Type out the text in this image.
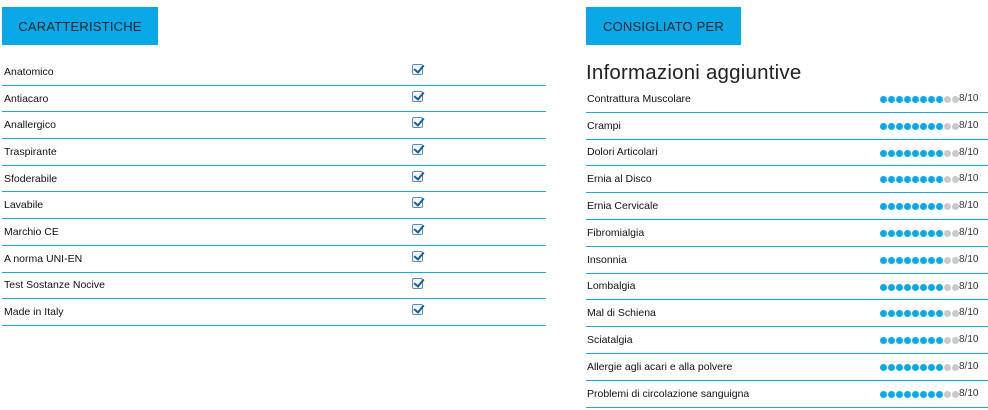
CARATTERISTICHE	CONSIGLIATO PER
Anatomico
Antiacaro
Anallergico
Traspirante
Sfoderabile
Lavabile
Marchio CE
A norma UNI-EN
Test Sostanze Nocive
Made in Italy
Informazioni aggiuntive
Contrattura Muscolare	8/10
Crampi	8/10
Dolori Articolari	8/10
Ernia al Disco	8/10
Ernia Cervicale	8/10
Fibromialgia	8/10
Insonnia	8/10
Lombalgia	8/10
Mal di Schiena	8/10
Sciatalgia	8/10
Allergie agli acari e alla polvere	8/10
Problemi di circolazione sanguigna	8/10
